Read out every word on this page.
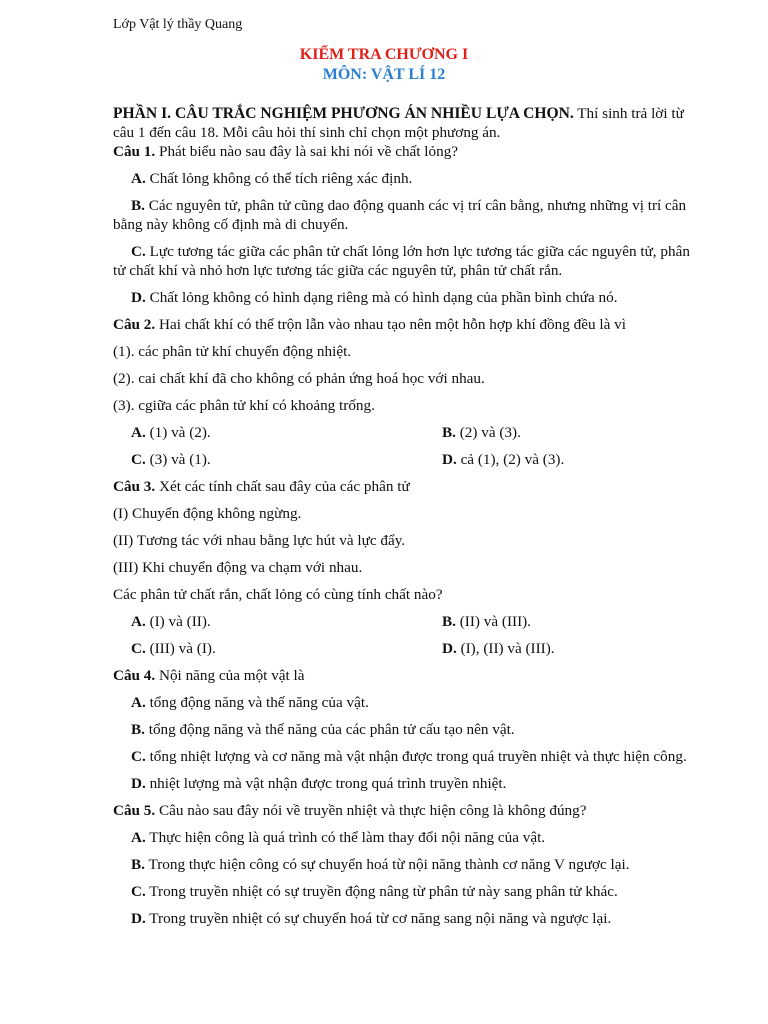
Lớp Vật lý thầy Quang
KIỂM TRA CHƯƠNG I
MÔN: VẬT LÍ 12

PHẦN I. CÂU TRẮC NGHIỆM PHƯƠNG ÁN NHIỀU LỰA CHỌN. Thí sinh trả lời từ câu 1 đến câu 18. Mỗi câu hỏi thí sinh chỉ chọn một phương án.

Câu 1. Phát biểu nào sau đây là sai khi nói về chất lỏng?

A. Chất lỏng không có thể tích riêng xác định.

B. Các nguyên tử, phân tử cũng dao động quanh các vị trí cân bằng, nhưng những vị trí cân bằng này không cố định mà di chuyển.

C. Lực tương tác giữa các phân tử chất lỏng lớn hơn lực tương tác giữa các nguyên tử, phân tử chất khí và nhỏ hơn lực tương tác giữa các nguyên tử, phân tử chất rắn.

D. Chất lỏng không có hình dạng riêng mà có hình dạng của phần bình chứa nó.

Câu 2. Hai chất khí có thể trộn lẫn vào nhau tạo nên một hỗn hợp khí đồng đều là vì

(1). các phân tử khí chuyển động nhiệt.

(2). cai chất khí đã cho không có phản ứng hoá học với nhau.

(3). cgiữa các phân tử khí có khoảng trống.

A. (1) và (2).	B. (2) và (3).
C. (3) và (1).	D. cả (1), (2) và (3).

Câu 3. Xét các tính chất sau đây của các phân tử

(I) Chuyển động không ngừng.

(II) Tương tác với nhau bằng lực hút và lực đẩy.

(III) Khi chuyển động va chạm với nhau.

Các phân tử chất rắn, chất lỏng có cùng tính chất nào?

A. (I) và (II).	B. (II) và (III).
C. (III) và (I).	D. (I), (II) và (III).

Câu 4. Nội năng của một vật là

A. tổng động năng và thế năng của vật.

B. tổng động năng và thế năng của các phân tử cấu tạo nên vật.

C. tổng nhiệt lượng và cơ năng mà vật nhận được trong quá truyền nhiệt và thực hiện công.

D. nhiệt lượng mà vật nhận được trong quá trình truyền nhiệt.

Câu 5. Câu nào sau đây nói về truyền nhiệt và thực hiện công là không đúng?

A. Thực hiện công là quá trình có thể làm thay đổi nội năng của vật.

B. Trong thực hiện công có sự chuyển hoá từ nội năng thành cơ năng V ngược lại.

C. Trong truyền nhiệt có sự truyền động nâng từ phân tử này sang phân tử khác.

D. Trong truyền nhiệt có sự chuyển hoá từ cơ năng sang nội năng và ngược lại.
